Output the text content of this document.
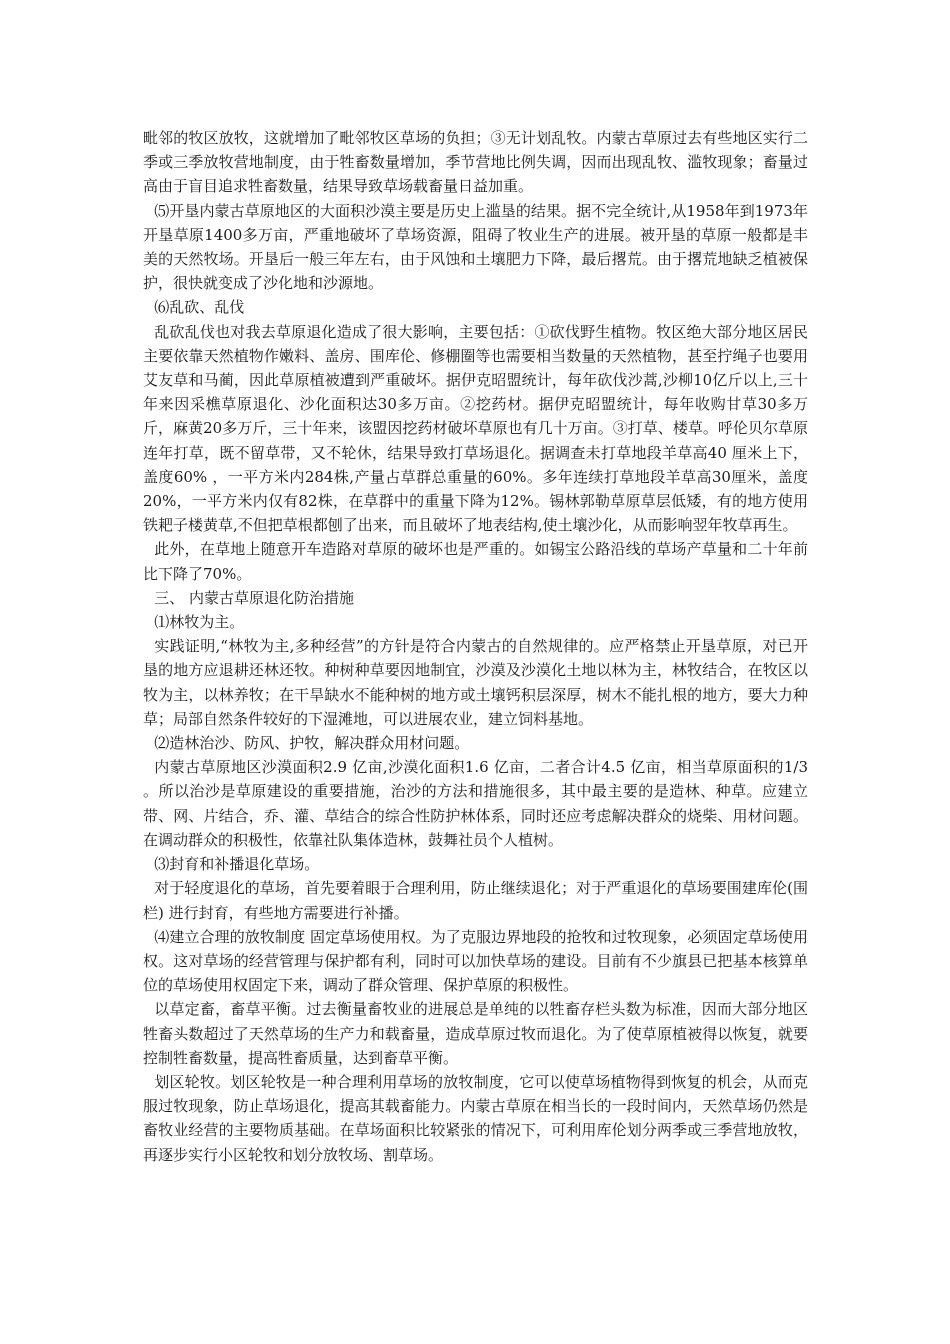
毗邻的牧区放牧，这就增加了毗邻牧区草场的负担；③无计划乱牧。内蒙古草原过去有些地区实行二季或三季放牧营地制度，由于牲畜数量增加，季节营地比例失调，因而出现乱牧、滥牧现象；畜量过高由于盲目追求牲畜数量，结果导致草场载畜量日益加重。

⑸开垦内蒙古草原地区的大面积沙漠主要是历史上滥垦的结果。据不完全统计,从1958年到1973年开垦草原1400多万亩，严重地破坏了草场资源，阻碍了牧业生产的进展。被开垦的草原一般都是丰美的天然牧场。开垦后一般三年左右，由于风蚀和土壤肥力下降，最后撂荒。由于撂荒地缺乏植被保护，很快就变成了沙化地和沙源地。

⑹乱砍、乱伐

乱砍乱伐也对我去草原退化造成了很大影响，主要包括：①砍伐野生植物。牧区绝大部分地区居民主要依靠天然植物作嫩料、盖房、围库伦、修棚圈等也需要相当数量的天然植物，甚至拧绳子也要用艾友草和马蔺，因此草原植被遭到严重破坏。据伊克昭盟统计，每年砍伐沙蒿,沙柳10亿斤以上,三十年来因采樵草原退化、沙化面积达30多万亩。②挖药材。据伊克昭盟统计，每年收购甘草30多万斤，麻黄20多万斤，三十年来，该盟因挖药材破坏草原也有几十万亩。③打草、楼草。呼伦贝尔草原连年打草，既不留草带，又不轮休，结果导致打草场退化。据调查未打草地段羊草高40 厘米上下，盖度60% ，一平方米内284株,产量占草群总重量的60%。多年连续打草地段羊草高30厘米，盖度20%，一平方米内仅有82株，在草群中的重量下降为12%。锡林郭勒草原草层低矮，有的地方使用铁耙子楼黄草,不但把草根都刨了出来，而且破坏了地表结构,使土壤沙化，从而影响翌年牧草再生。

此外，在草地上随意开车造路对草原的破坏也是严重的。如锡宝公路沿线的草场产草量和二十年前比下降了70%。

三、 内蒙古草原退化防治措施

⑴林牧为主。

实践证明,“林牧为主,多种经营”的方针是符合内蒙古的自然规律的。应严格禁止开垦草原，对已开垦的地方应退耕还林还牧。种树种草要因地制宜，沙漠及沙漠化土地以林为主，林牧结合，在牧区以牧为主，以林养牧；在干旱缺水不能种树的地方或土壤钙积层深厚，树木不能扎根的地方，要大力种草；局部自然条件较好的下湿滩地，可以进展农业，建立饲料基地。

⑵造林治沙、防风、护牧，解决群众用材问题。

内蒙古草原地区沙漠面积2.9 亿亩,沙漠化面积1.6 亿亩，二者合计4.5 亿亩，相当草原面积的1/3 。所以治沙是草原建设的重要措施，治沙的方法和措施很多，其中最主要的是造林、种草。应建立带、网、片结合，乔、灌、草结合的综合性防护林体系，同时还应考虑解决群众的烧柴、用材问题。在调动群众的积极性，依靠社队集体造林，鼓舞社员个人植树。

⑶封育和补播退化草场。

对于轻度退化的草场，首先要着眼于合理利用，防止继续退化；对于严重退化的草场要围建库伦(围栏) 进行封育，有些地方需要进行补播。

⑷建立合理的放牧制度 固定草场使用权。为了克服边界地段的抢牧和过牧现象，必须固定草场使用权。这对草场的经营管理与保护都有利，同时可以加快草场的建设。目前有不少旗县已把基本核算单位的草场使用权固定下来，调动了群众管理、保护草原的积极性。

以草定畜，畜草平衡。过去衡量畜牧业的进展总是单纯的以牲畜存栏头数为标准，因而大部分地区牲畜头数超过了天然草场的生产力和载畜量，造成草原过牧而退化。为了使草原植被得以恢复，就要控制牲畜数量，提高牲畜质量，达到畜草平衡。

划区轮牧。划区轮牧是一种合理利用草场的放牧制度，它可以使草场植物得到恢复的机会，从而克服过牧现象，防止草场退化，提高其载畜能力。内蒙古草原在相当长的一段时间内，天然草场仍然是畜牧业经营的主要物质基础。在草场面积比较紧张的情况下，可利用库伦划分两季或三季营地放牧，再逐步实行小区轮牧和划分放牧场、割草场。
